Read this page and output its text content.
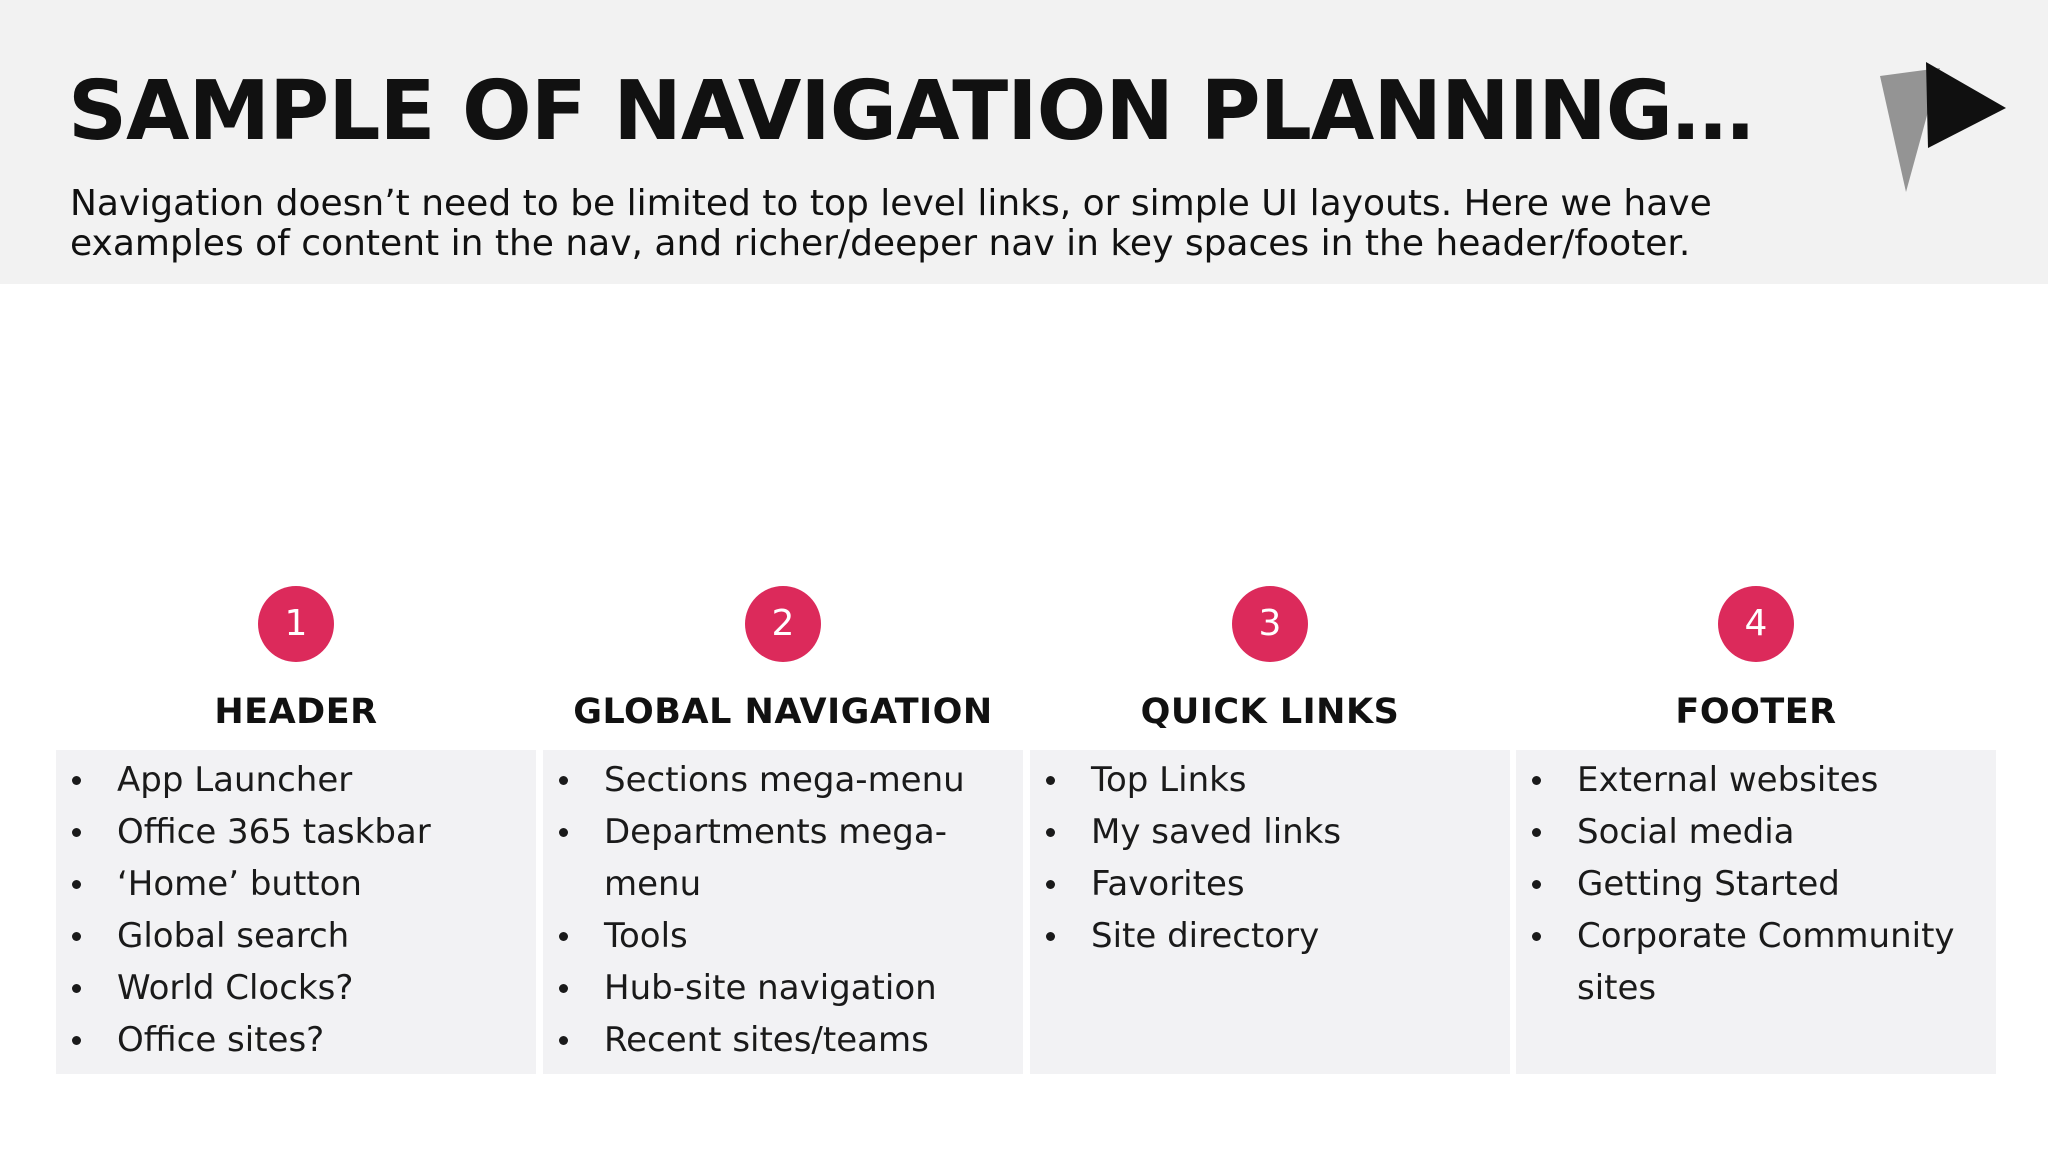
SAMPLE OF NAVIGATION PLANNING…

Navigation doesn’t need to be limited to top level links, or simple UI layouts. Here we have examples of content in the nav, and richer/deeper nav in key spaces in the header/footer.

1
HEADER
App Launcher
Office 365 taskbar
‘Home’ button
Global search
World Clocks?
Office sites?
2
GLOBAL NAVIGATION
Sections mega-menu
Departments mega-menu
Tools
Hub-site navigation
Recent sites/teams
3
QUICK LINKS
Top Links
My saved links
Favorites
Site directory
4
FOOTER
External websites
Social media
Getting Started
Corporate Community sites
